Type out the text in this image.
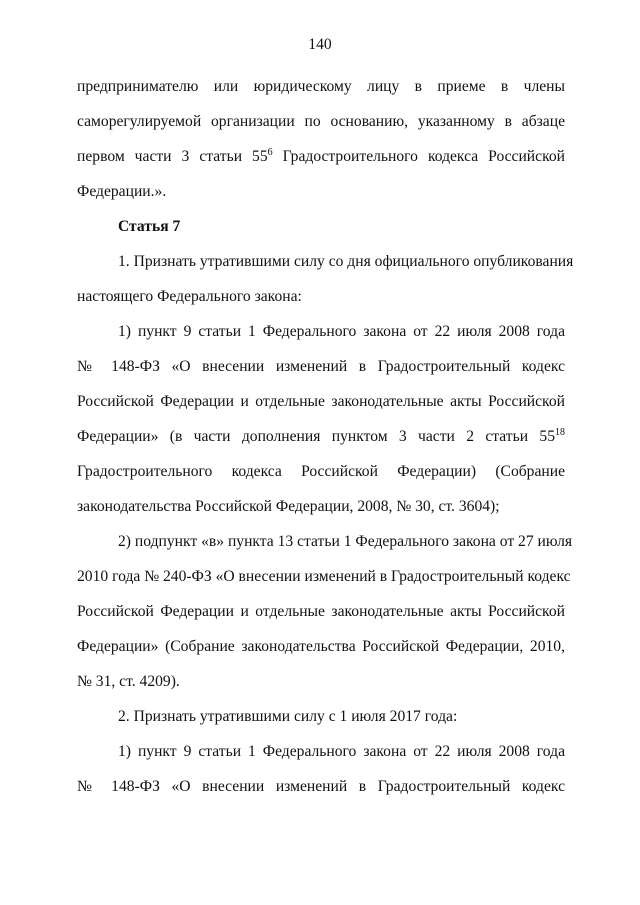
140
предпринимателю или юридическому лицу в приеме в члены
саморегулируемой организации по основанию, указанному в абзаце
первом части 3 статьи $55^6$ Градостроительного кодекса Российской
Федерации.».
Статья 7
1. Признать утратившими силу со дня официального опубликования
настоящего Федерального закона:
1) пункт 9 статьи 1 Федерального закона от 22 июля 2008 года
№ 148-ФЗ «О внесении изменений в Градостроительный кодекс
Российской Федерации и отдельные законодательные акты Российской
Федерации» (в части дополнения пунктом 3 части 2 статьи $55^{18}$
Градостроительного кодекса Российской Федерации) (Собрание
законодательства Российской Федерации, 2008, № 30, ст. 3604);
2) подпункт «в» пункта 13 статьи 1 Федерального закона от 27 июля
2010 года № 240-ФЗ «О внесении изменений в Градостроительный кодекс
Российской Федерации и отдельные законодательные акты Российской
Федерации» (Собрание законодательства Российской Федерации, 2010,
№ 31, ст. 4209).
2. Признать утратившими силу с 1 июля 2017 года:
1) пункт 9 статьи 1 Федерального закона от 22 июля 2008 года
№ 148-ФЗ «О внесении изменений в Градостроительный кодекс
